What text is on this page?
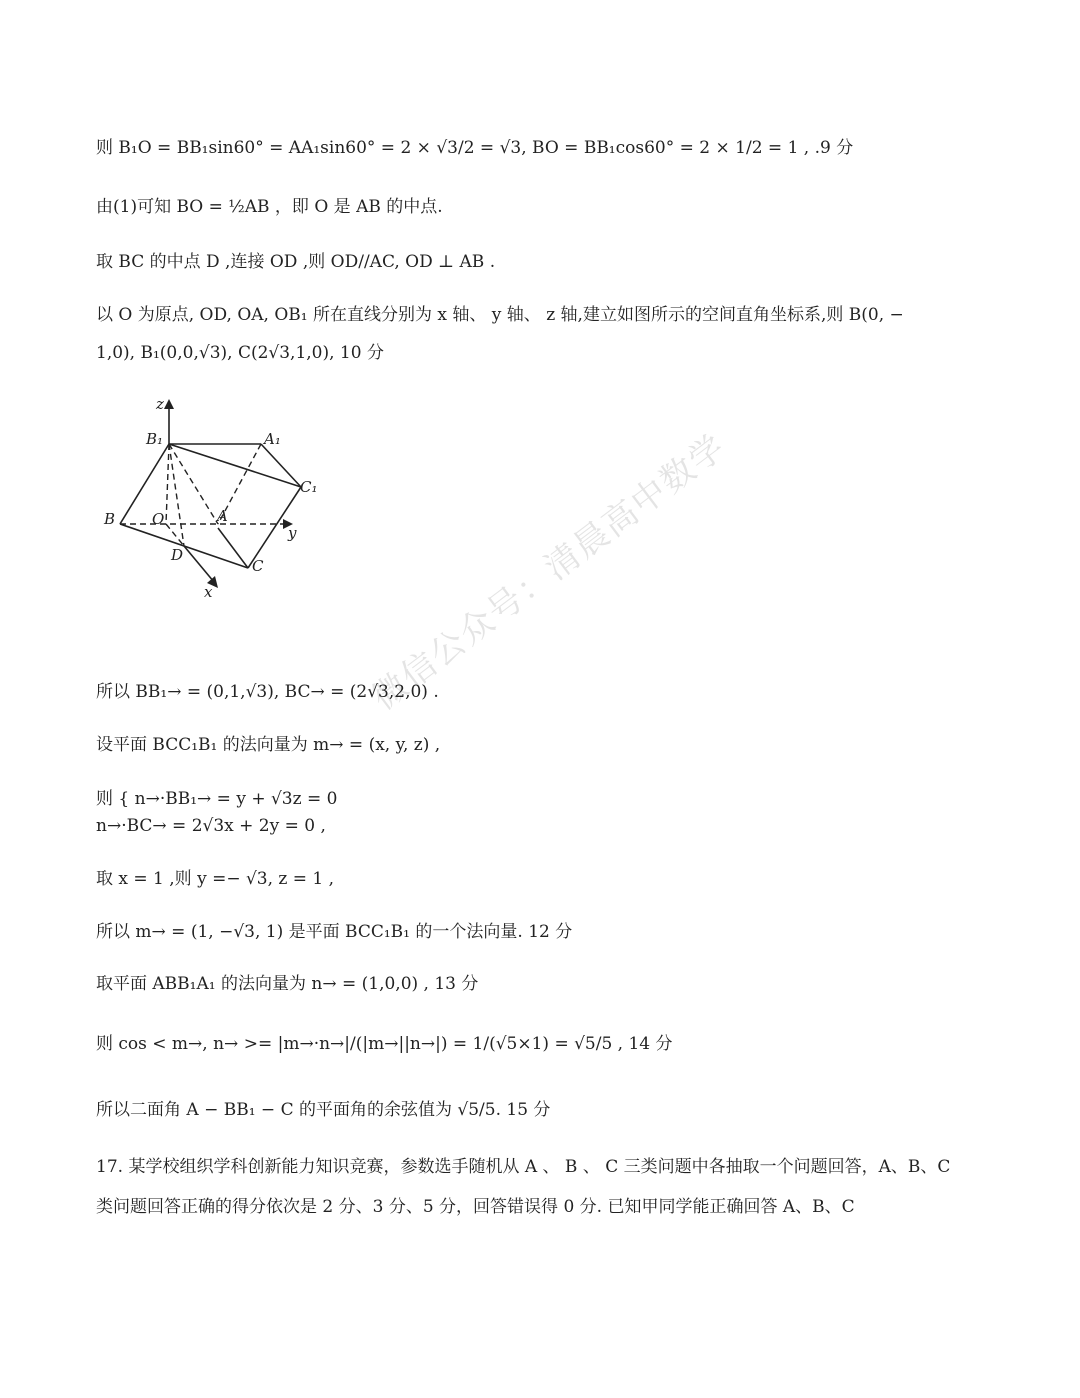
则 B₁O = BB₁sin60° = AA₁sin60° = 2 × √3/2 = √3, BO = BB₁cos60° = 2 × 1/2 = 1 , .9 分
由(1)可知 BO = ½AB ，即 O 是 AB 的中点.
取 BC 的中点 D ,连接 OD ,则 OD//AC, OD ⊥ AB .
以 O 为原点, OD, OA, OB₁ 所在直线分别为 x 轴、 y 轴、 z 轴,建立如图所示的空间直角坐标系,则 B(0, −
1,0), B₁(0,0,√3), C(2√3,1,0), 10 分
z
B₁	A₁
C₁
B O	A
y
D
C
x	微信公众号：清晨高中数学
所以 BB₁→ = (0,1,√3), BC→ = (2√3,2,0) .
设平面 BCC₁B₁ 的法向量为 m→ = (x, y, z) ,
则 { n→·BB₁→ = y + √3z = 0
n→·BC→ = 2√3x + 2y = 0 ,
取 x = 1 ,则 y =− √3, z = 1 ,
所以 m→ = (1, −√3, 1) 是平面 BCC₁B₁ 的一个法向量. 12 分
取平面 ABB₁A₁ 的法向量为 n→ = (1,0,0) , 13 分
则 cos < m→, n→ >= |m→·n→|/(|m→||n→|) = 1/(√5×1) = √5/5 , 14 分
所以二面角 A − BB₁ − C 的平面角的余弦值为 √5/5. 15 分
17. 某学校组织学科创新能力知识竞赛，参数选手随机从 A 、 B 、 C 三类问题中各抽取一个问题回答，A、B、C 类问题回答正确的得分依次是 2 分、3 分、5 分，回答错误得 0 分. 已知甲同学能正确回答 A、B、C
